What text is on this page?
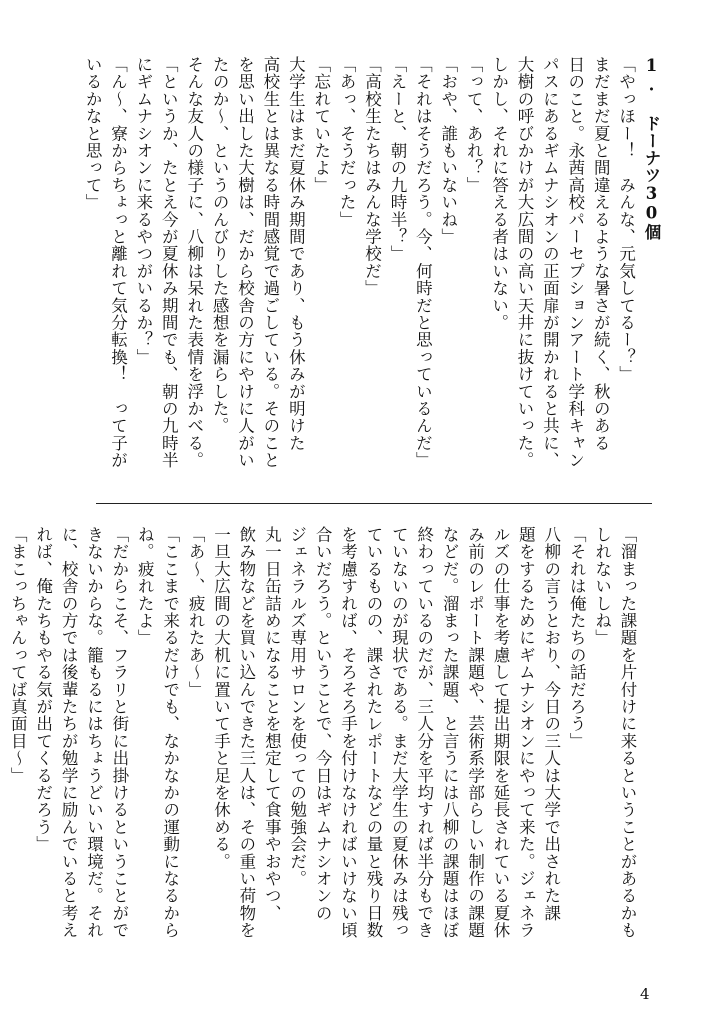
1. ドーナツ30個
「やっほー！　みんな、元気してるー？」
まだまだ夏と間違えるような暑さが続く、秋のある
日のこと。永茜高校パーセプションアート学科キャン
パスにあるギムナシオンの正面扉が開かれると共に、
大樹の呼びかけが大広間の高い天井に抜けていった。
しかし、それに答える者はいない。
「って、あれ？」
「おや、誰もいないね」
「それはそうだろう。今、何時だと思っているんだ」
「えーと、朝の九時半？」
「高校生たちはみんな学校だ」
「あっ、そうだった」
「忘れていたよ」
大学生はまだ夏休み期間であり、もう休みが明けた
高校生とは異なる時間感覚で過ごしている。そのこと
を思い出した大樹は、だから校舎の方にやけに人がい
たのか〜、というのんびりした感想を漏らした。
そんな友人の様子に、八柳は呆れた表情を浮かべる。
「というか、たとえ今が夏休み期間でも、朝の九時半
にギムナシオンに来るやつがいるか？」
「ん〜、寮からちょっと離れて気分転換！　って子が
いるかなと思って」
「溜まった課題を片付けに来るということがあるかも
しれないしね」
「それは俺たちの話だろう」
八柳の言うとおり、今日の三人は大学で出された課
題をするためにギムナシオンにやって来た。ジェネラ
ルズの仕事を考慮して提出期限を延長されている夏休
み前のレポート課題や、芸術系学部らしい制作の課題
などだ。溜まった課題、と言うには八柳の課題はほぼ
終わっているのだが、三人分を平均すれば半分もでき
ていないのが現状である。まだ大学生の夏休みは残っ
ているものの、課されたレポートなどの量と残り日数
を考慮すれば、そろそろ手を付けなければいけない頃
合いだろう。ということで、今日はギムナシオンの
ジェネラルズ専用サロンを使っての勉強会だ。
丸一日缶詰めになることを想定して食事やおやつ、
飲み物などを買い込んできた三人は、その重い荷物を
一旦大広間の大机に置いて手と足を休める。
「あ〜、疲れたあ〜」
「ここまで来るだけでも、なかなかの運動になるから
ね。疲れたよ」
「だからこそ、フラリと街に出掛けるということがで
きないからな。籠もるにはちょうどいい環境だ。それ
に、校舎の方では後輩たちが勉学に励んでいると考え
れば、俺たちもやる気が出てくるだろう」
「まこっちゃんってば真面目〜」
4
